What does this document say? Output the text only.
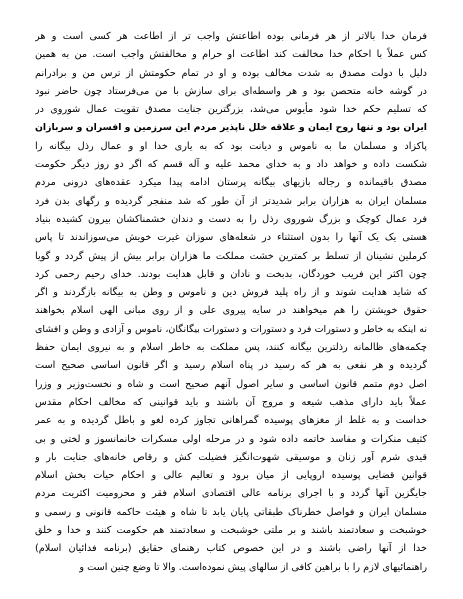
فرمان خدا بالاتر از هر فرمانی بوده اطاعتش واجب تر از اطاعت هر کسی است و هر
کس عملاً با احکام خدا مخالفت کند اطاعت او حرام و مخالفتش واجب است. من به همین
دلیل با دولت مصدق به شدت مخالف بوده و او در تمام حکومتش از ترس من و برادرانم
در گوشه خانه متحصن بود و هر واسطه‌ای برای سازش با من می‌فرستاد چون حاضر نبود
که تسلیم حکم خدا شود مأیوس می‌شد، بزرگترین جنایت مصدق تقویت عمال شوروی در
ایران بود و تنها روح ایمان و علاقه خلل ناپذیر مردم این سرزمین و افسران و سربازان
پاکزاد و مسلمان ما به ناموس و دیانت بود که به یاری خدا او و عمال رذل بیگانه را
شکست داده و خواهد داد و به خدای محمد علیه و آله قسم که اگر دو روز دیگر حکومت
مصدق باقیمانده و رجاله بازیهای بیگانه پرستان ادامه پیدا میکرد عقده‌های درونی مردم
مسلمان ایران به هزاران برابر شدیدتر از آن طور که شد منفجر گردیده و رگهای بدن فرد
فرد عمال کوچک و بزرگ شوروی رذل را به دست و دندان خشمناکشان بیرون کشیده بنیاد
هستی یک یک آنها را بدون استثناء در شعله‌های سوزان غیرت خویش می‌سوزاندند تا پاس
کرملین نشینان از تسلط بر کمترین خشت مملکت ما هزاران برابر بیش از پیش گردد و گویا
چون اکثر این فریب خوردگان، بدبخت و نادان و قابل هدایت بودند. خدای رحیم رحمی کرد
که شاید هدایت شوند و از راه پلید فروش دین و ناموس و وطن به بیگانه بازگردند و اگر
حقوق خویشتن را هم میخواهند در سایه پیروی علی و از روی مبانی الهی اسلام بخواهند
نه اینکه به خاطر و دستورات فرد و دستورات و دستورات بیگانگان، ناموس و آزادی و وطن و افشای
چکمه‌های ظالمانه رذلترین بیگانه کنند، پس مملکت به خاطر اسلام و به نیروی ایمان حفظ
گردیده و هر نفعی به هر که رسید در پناه اسلام رسید و اگر قانون اساسی صحیح است
اصل دوم متمم قانون اساسی و سایر اصول آنهم صحیح است و شاه و نخست‌وزیر و وزرا
عملاً باید دارای مذهب شیعه و مروج آن باشند و باید قوانینی که مخالف احکام مقدس
خداست و به غلط از مغزهای پوسیده گمراهانی تجاوز کرده لغو و باطل گردیده و به عمر
کثیف منکرات و مفاسد خاتمه داده شود و در مرحله اولی مسکرات خانمانسوز و لختی و بی
قیدی شرم آور زنان و موسیقی شهوت‌انگیز فضیلت کش و رقاص خانه‌های جنایت بار و
قوانین قضایی پوسیده اروپایی از میان برود و تعالیم عالی و احکام حیات بخش اسلام
جایگزین آنها گردد و با اجرای برنامه عالی اقتصادی اسلام فقر و محرومیت اکثریت مردم
مسلمان ایران و فواصل خطرناک طبقاتی پایان یابد تا شاه و هیئت حاکمه قانونی و رسمی و
خوشبخت و سعادتمند باشند و بر ملتی خوشبخت و سعادتمند هم حکومت کنند و خدا و خلق
خدا از آنها راضی باشند و در این خصوص کتاب رهنمای حقایق (برنامه فدائیان اسلام)
راهنمائیهای لازم را با براهین کافی از سالهای پیش نموده‌است. والا تا وضع چنین است و
